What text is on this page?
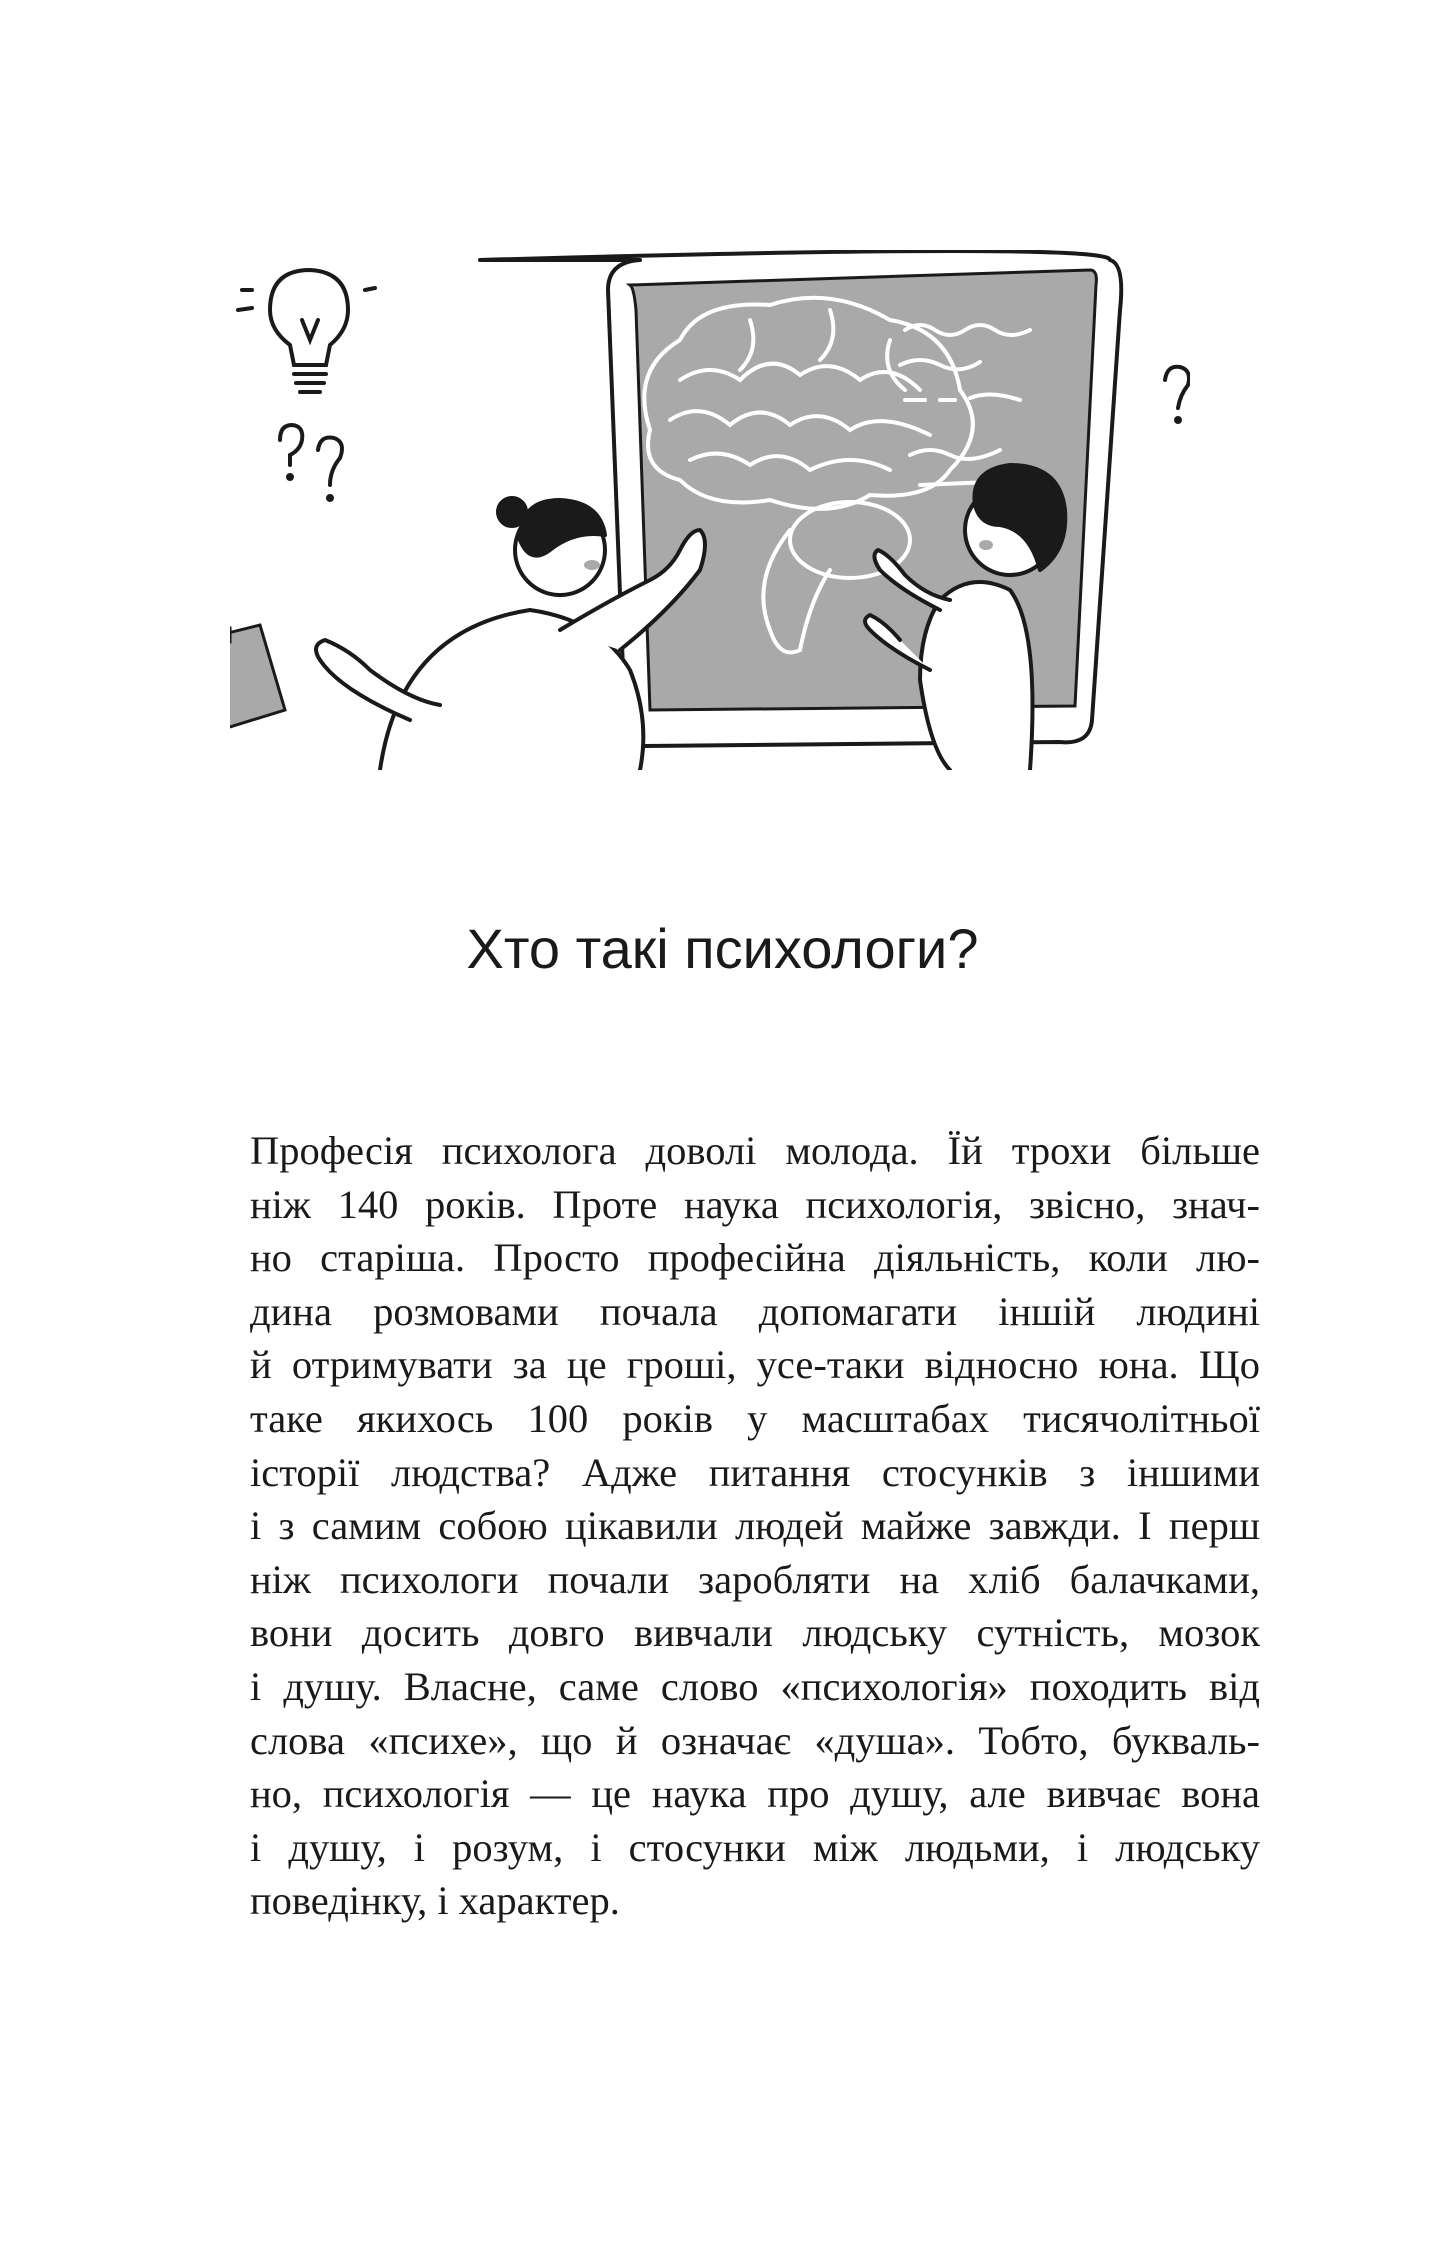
Хто такі психологи?
Професія психолога доволі молода. Їй трохи більше
ніж 140 років. Проте наука психологія, звісно, знач-
но старіша. Просто професійна діяльність, коли лю-
дина розмовами почала допомагати іншій людині
й отримувати за це гроші, усе-таки відносно юна. Що
таке якихось 100 років у масштабах тисячолітньої
історії людства? Адже питання стосунків з іншими
і з самим собою цікавили людей майже завжди. І перш
ніж психологи почали заробляти на хліб балачками,
вони досить довго вивчали людську сутність, мозок
і душу. Власне, саме слово «психологія» походить від
слова «психе», що й означає «душа». Тобто, букваль-
но, психологія — це наука про душу, але вивчає вона
і душу, і розум, і стосунки між людьми, і людську
поведінку, і характер.
